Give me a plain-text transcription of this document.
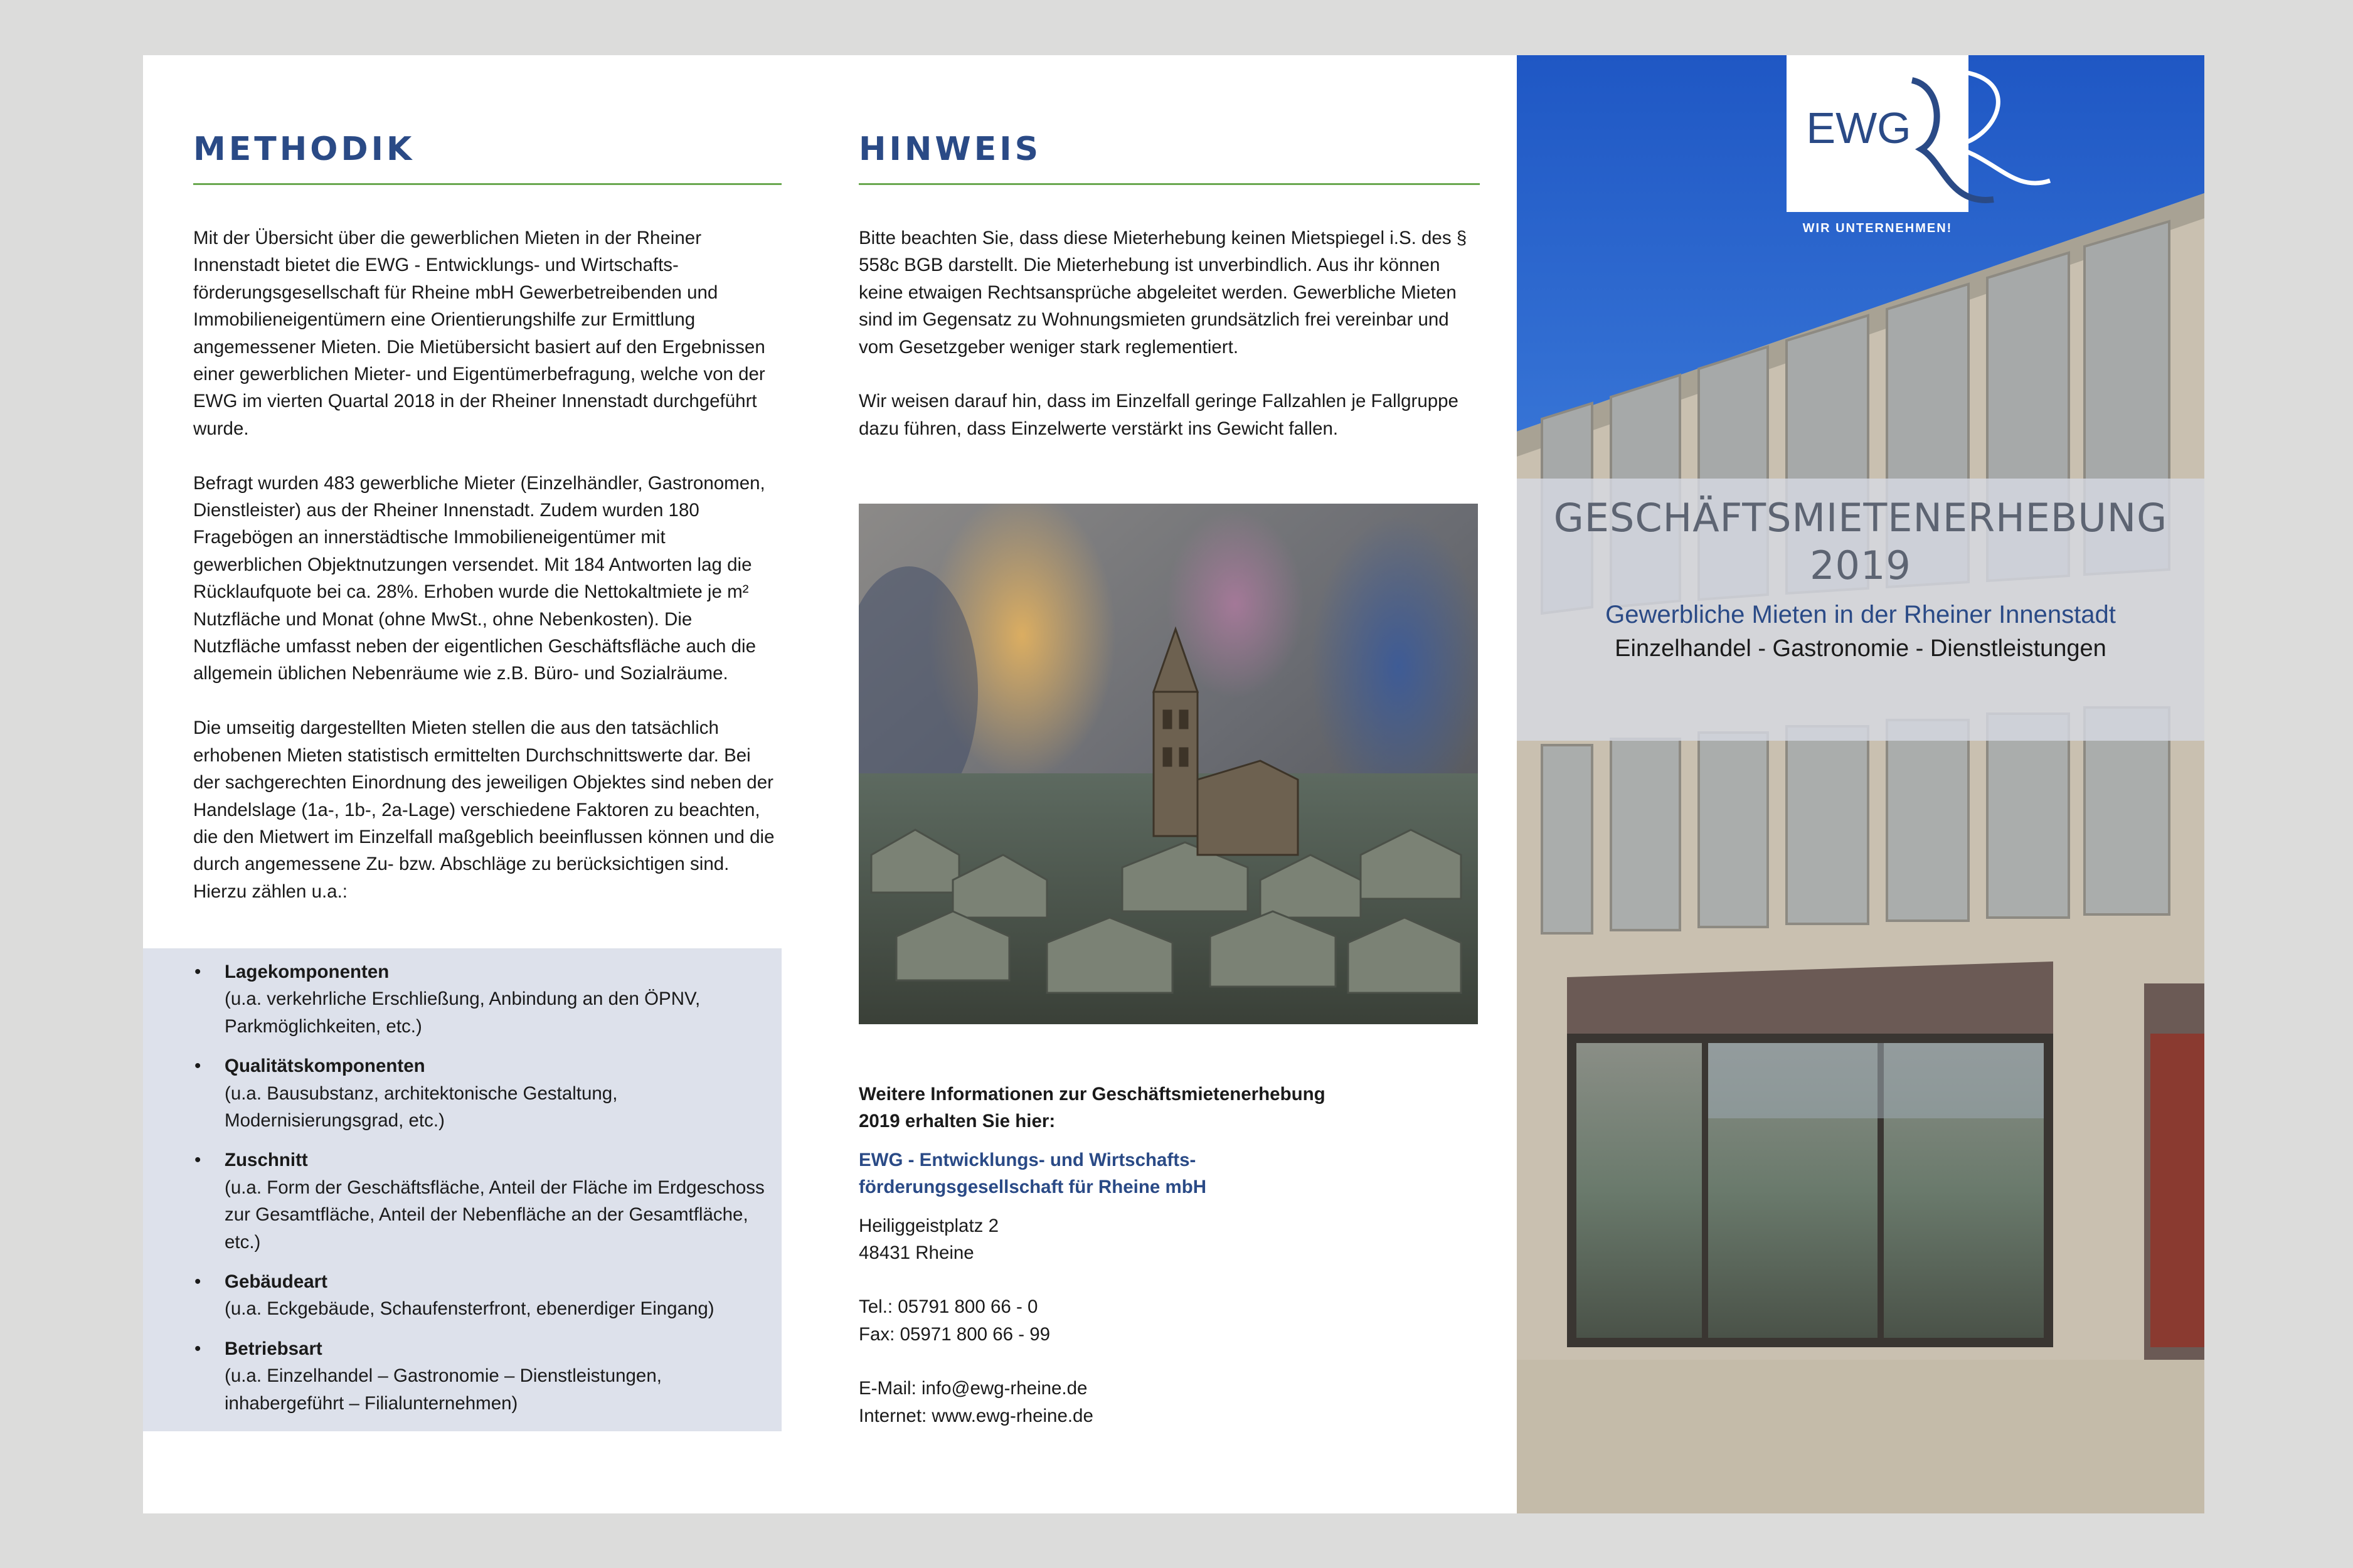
METHODIK

Mit der Übersicht über die gewerblichen Mieten in der Rheiner Innenstadt bietet die EWG - Entwicklungs- und Wirtschafts-förderungsgesellschaft für Rheine mbH Gewerbetreibenden und Immobilieneigentümern eine Orientierungshilfe zur Ermittlung angemessener Mieten. Die Mietübersicht basiert auf den Ergebnissen einer gewerblichen Mieter- und Eigentümerbefragung, welche von der EWG im vierten Quartal 2018 in der Rheiner Innenstadt durchgeführt wurde.

Befragt wurden 483 gewerbliche Mieter (Einzelhändler, Gastronomen, Dienstleister) aus der Rheiner Innenstadt. Zudem wurden 180 Fragebögen an innerstädtische Immobilieneigentümer mit gewerblichen Objektnutzungen versendet. Mit 184 Antworten lag die Rücklaufquote bei ca. 28%. Erhoben wurde die Nettokaltmiete je m² Nutzfläche und Monat (ohne MwSt., ohne Nebenkosten). Die Nutzfläche umfasst neben der eigentlichen Geschäftsfläche auch die allgemein üblichen Nebenräume wie z.B. Büro- und Sozialräume.

Die umseitig dargestellten Mieten stellen die aus den tatsächlich erhobenen Mieten statistisch ermittelten Durchschnittswerte dar. Bei der sachgerechten Einordnung des jeweiligen Objektes sind neben der Handelslage (1a-, 1b-, 2a-Lage) verschiedene Faktoren zu beachten, die den Mietwert im Einzelfall maßgeblich beeinflussen können und die durch angemessene Zu- bzw. Abschläge zu berücksichtigen sind. Hierzu zählen u.a.:

• Lagekomponenten
(u.a. verkehrliche Erschließung, Anbindung an den ÖPNV, Parkmöglichkeiten, etc.)
• Qualitätskomponenten
(u.a. Bausubstanz, architektonische Gestaltung, Modernisierungsgrad, etc.)
• Zuschnitt
(u.a. Form der Geschäftsfläche, Anteil der Fläche im Erdgeschoss zur Gesamtfläche, Anteil der Nebenfläche an der Gesamtfläche, etc.)
• Gebäudeart
(u.a. Eckgebäude, Schaufensterfront, ebenerdiger Eingang)
• Betriebsart
(u.a. Einzelhandel – Gastronomie – Dienstleistungen, inhabergeführt – Filialunternehmen)
HINWEIS

Bitte beachten Sie, dass diese Mieterhebung keinen Mietspiegel i.S. des § 558c BGB darstellt. Die Mieterhebung ist unverbindlich. Aus ihr können keine etwaigen Rechtsansprüche abgeleitet werden. Gewerbliche Mieten sind im Gegensatz zu Wohnungsmieten grundsätzlich frei vereinbar und vom Gesetzgeber weniger stark reglementiert.

Wir weisen darauf hin, dass im Einzelfall geringe Fallzahlen je Fallgruppe dazu führen, dass Einzelwerte verstärkt ins Gewicht fallen.

Weitere Informationen zur Geschäftsmietenerhebung 2019 erhalten Sie hier:

EWG - Entwicklungs- und Wirtschafts-

förderungsgesellschaft für Rheine mbH

Heiliggeistplatz 2

48431 Rheine

Tel.: 05791 800 66 - 0

Fax: 05971 800 66 - 99

E-Mail: info@ewg-rheine.de

Internet: www.ewg-rheine.de

EWG
WIR UNTERNEHMEN!
GESCHÄFTSMIETENERHEBUNG
2019
Gewerbliche Mieten in der Rheiner Innenstadt
Einzelhandel - Gastronomie - Dienstleistungen
